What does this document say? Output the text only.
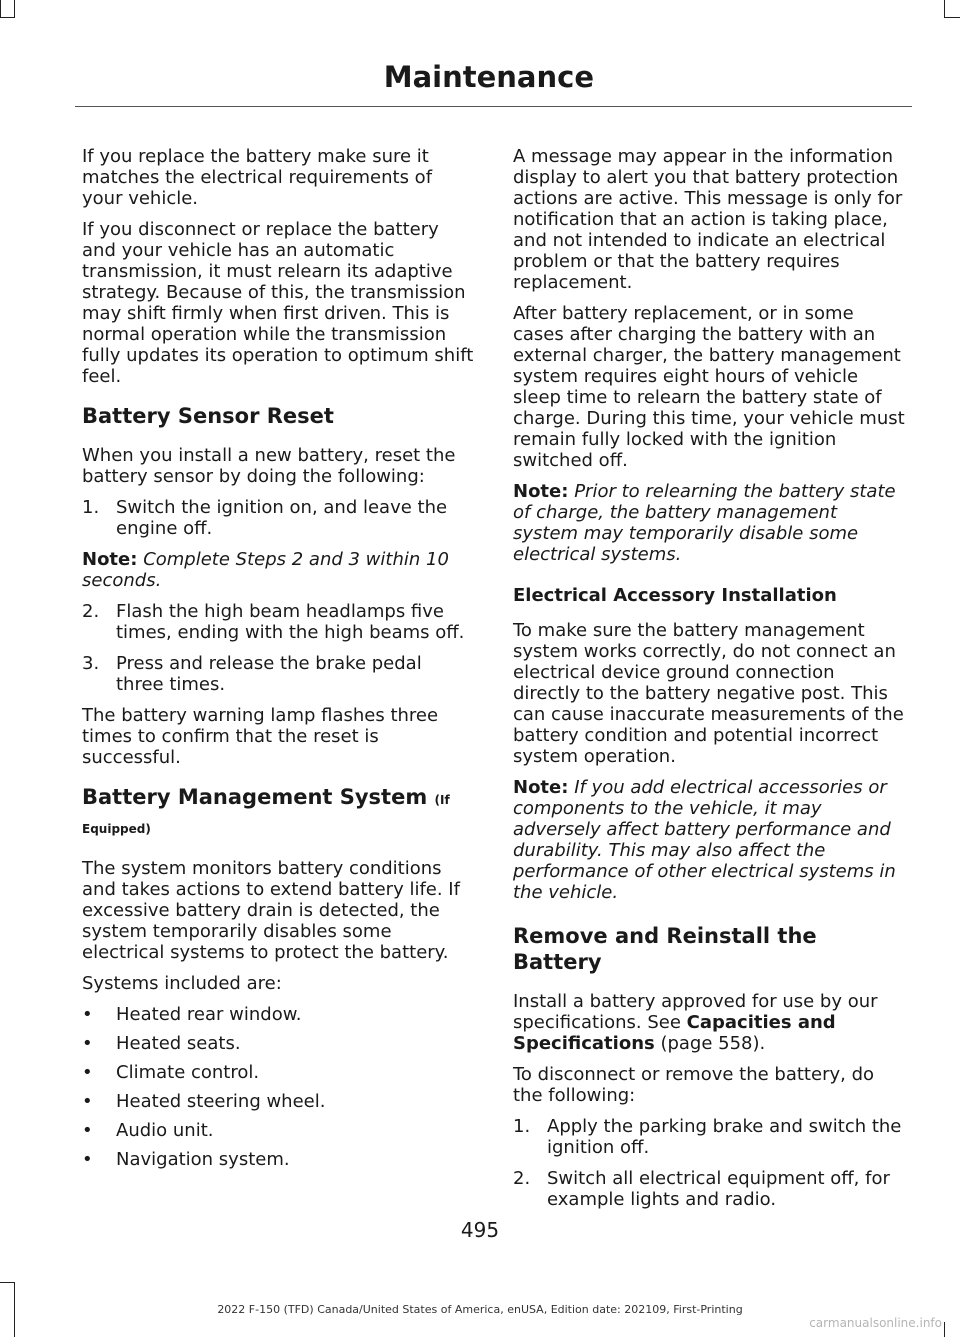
Maintenance

If you replace the battery make sure it matches the electrical requirements of your vehicle.

If you disconnect or replace the battery and your vehicle has an automatic transmission, it must relearn its adaptive strategy. Because of this, the transmission may shift firmly when first driven. This is normal operation while the transmission fully updates its operation to optimum shift feel.

Battery Sensor Reset

When you install a new battery, reset the battery sensor by doing the following:

1. Switch the ignition on, and leave the engine off.

Note: Complete Steps 2 and 3 within 10 seconds.

2. Flash the high beam headlamps five times, ending with the high beams off.
3. Press and release the brake pedal three times.

The battery warning lamp flashes three times to confirm that the reset is successful.

Battery Management System (If Equipped)

The system monitors battery conditions and takes actions to extend battery life. If excessive battery drain is detected, the system temporarily disables some electrical systems to protect the battery.

Systems included are:

•	Heated rear window.
•	Heated seats.
•	Climate control.
•	Heated steering wheel.
•	Audio unit.
•	Navigation system.

A message may appear in the information display to alert you that battery protection actions are active. This message is only for notification that an action is taking place, and not intended to indicate an electrical problem or that the battery requires replacement.

After battery replacement, or in some cases after charging the battery with an external charger, the battery management system requires eight hours of vehicle sleep time to relearn the battery state of charge. During this time, your vehicle must remain fully locked with the ignition switched off.

Note: Prior to relearning the battery state of charge, the battery management system may temporarily disable some electrical systems.

Electrical Accessory Installation

To make sure the battery management system works correctly, do not connect an electrical device ground connection directly to the battery negative post. This can cause inaccurate measurements of the battery condition and potential incorrect system operation.

Note: If you add electrical accessories or components to the vehicle, it may adversely affect battery performance and durability. This may also affect the performance of other electrical systems in the vehicle.

Remove and Reinstall the Battery

Install a battery approved for use by our specifications. See Capacities and Specifications (page 558).

To disconnect or remove the battery, do the following:

1. Apply the parking brake and switch the ignition off.
2. Switch all electrical equipment off, for example lights and radio.
495
2022 F-150 (TFD) Canada/United States of America, enUSA, Edition date: 202109, First-Printing
carmanualsonline.info
